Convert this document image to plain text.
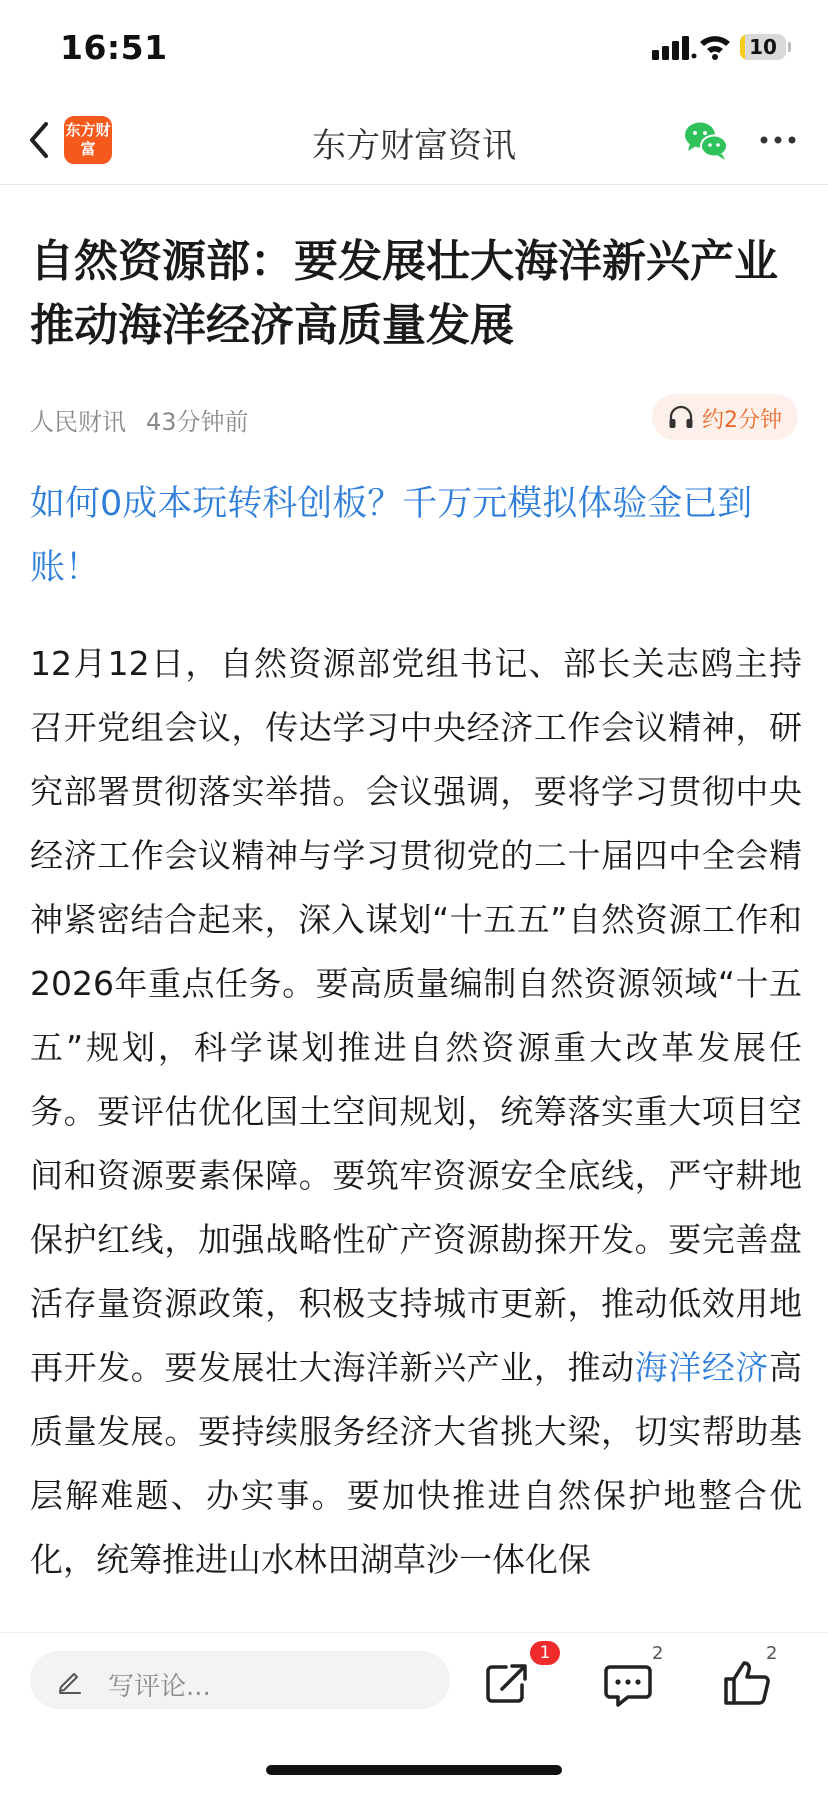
16:51	10
东方财富	东方财富资讯
自然资源部：要发展壮大海洋新兴产业 推动海洋经济高质量发展
人民财讯 43分钟前	约2分钟
如何0成本玩转科创板？千万元模拟体验金已到账！
12月12日，自然资源部党组书记、部长关志鸥主持召开党组会议，传达学习中央经济工作会议精神，研究部署贯彻落实举措。会议强调，要将学习贯彻中央经济工作会议精神与学习贯彻党的二十届四中全会精神紧密结合起来，深入谋划“十五五”自然资源工作和2026年重点任务。要高质量编制自然资源领域“十五五”规划，科学谋划推进自然资源重大改革发展任务。要评估优化国土空间规划，统筹落实重大项目空间和资源要素保障。要筑牢资源安全底线，严守耕地保护红线，加强战略性矿产资源勘探开发。要完善盘活存量资源政策，积极支持城市更新，推动低效用地再开发。要发展壮大海洋新兴产业，推动海洋经济高质量发展。要持续服务经济大省挑大梁，切实帮助基层解难题、办实事。要加快推进自然保护地整合优化，统筹推进山水林田湖草沙一体化保
写评论...
1	2	2
